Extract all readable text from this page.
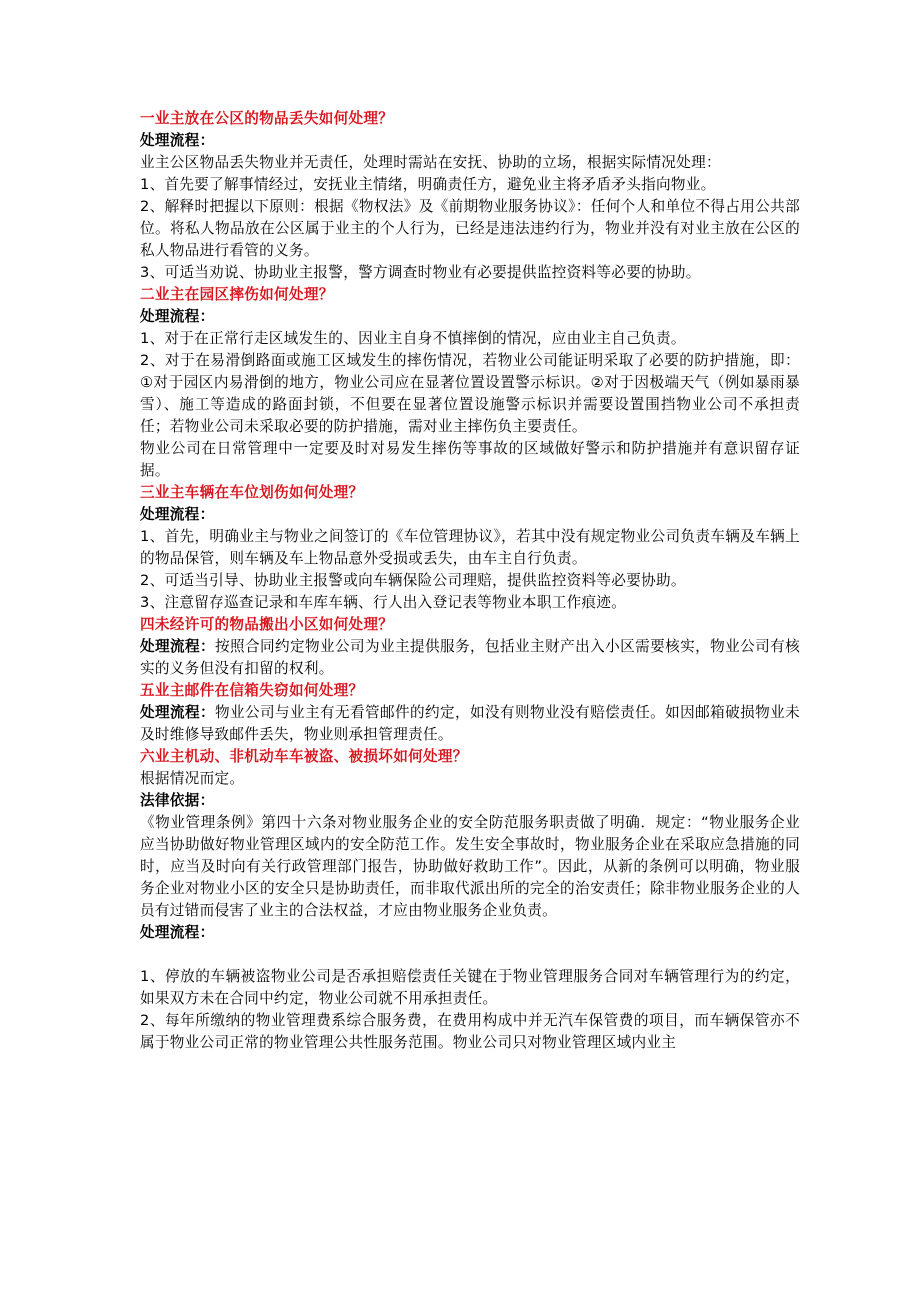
一业主放在公区的物品丢失如何处理？
处理流程：
业主公区物品丢失物业并无责任，处理时需站在安抚、协助的立场，根据实际情况处理：
1、首先要了解事情经过，安抚业主情绪，明确责任方，避免业主将矛盾矛头指向物业。
2、解释时把握以下原则：根据《物权法》及《前期物业服务协议》：任何个人和单位不得占用公共部位。将私人物品放在公区属于业主的个人行为，已经是违法违约行为，物业并没有对业主放在公区的私人物品进行看管的义务。
3、可适当劝说、协助业主报警，警方调查时物业有必要提供监控资料等必要的协助。
二业主在园区摔伤如何处理？
处理流程：
1、对于在正常行走区域发生的、因业主自身不慎摔倒的情况，应由业主自己负责。
2、对于在易滑倒路面或施工区域发生的摔伤情况，若物业公司能证明采取了必要的防护措施，即：①对于园区内易滑倒的地方，物业公司应在显著位置设置警示标识。②对于因极端天气（例如暴雨暴雪）、施工等造成的路面封锁，不但要在显著位置设施警示标识并需要设置围挡物业公司不承担责任；若物业公司未采取必要的防护措施，需对业主摔伤负主要责任。
物业公司在日常管理中一定要及时对易发生摔伤等事故的区域做好警示和防护措施并有意识留存证据。
三业主车辆在车位划伤如何处理？
处理流程：
1、首先，明确业主与物业之间签订的《车位管理协议》，若其中没有规定物业公司负责车辆及车辆上的物品保管，则车辆及车上物品意外受损或丢失，由车主自行负责。
2、可适当引导、协助业主报警或向车辆保险公司理赔，提供监控资料等必要协助。
3、注意留存巡查记录和车库车辆、行人出入登记表等物业本职工作痕迹。
四未经许可的物品搬出小区如何处理？
处理流程：按照合同约定物业公司为业主提供服务，包括业主财产出入小区需要核实，物业公司有核实的义务但没有扣留的权利。
五业主邮件在信箱失窃如何处理？
处理流程：物业公司与业主有无看管邮件的约定，如没有则物业没有赔偿责任。如因邮箱破损物业未及时维修导致邮件丢失，物业则承担管理责任。
六业主机动、非机动车车被盗、被损坏如何处理？
根据情况而定。
法律依据：
《物业管理条例》第四十六条对物业服务企业的安全防范服务职责做了明确．规定：“物业服务企业应当协助做好物业管理区域内的安全防范工作。发生安全事故时，物业服务企业在采取应急措施的同时，应当及时向有关行政管理部门报告，协助做好救助工作”。因此，从新的条例可以明确，物业服务企业对物业小区的安全只是协助责任，而非取代派出所的完全的治安责任；除非物业服务企业的人员有过错而侵害了业主的合法权益，才应由物业服务企业负责。
处理流程：
1、停放的车辆被盗物业公司是否承担赔偿责任关键在于物业管理服务合同对车辆管理行为的约定，如果双方未在合同中约定，物业公司就不用承担责任。
2、每年所缴纳的物业管理费系综合服务费，在费用构成中并无汽车保管费的项目，而车辆保管亦不属于物业公司正常的物业管理公共性服务范围。物业公司只对物业管理区域内业主
